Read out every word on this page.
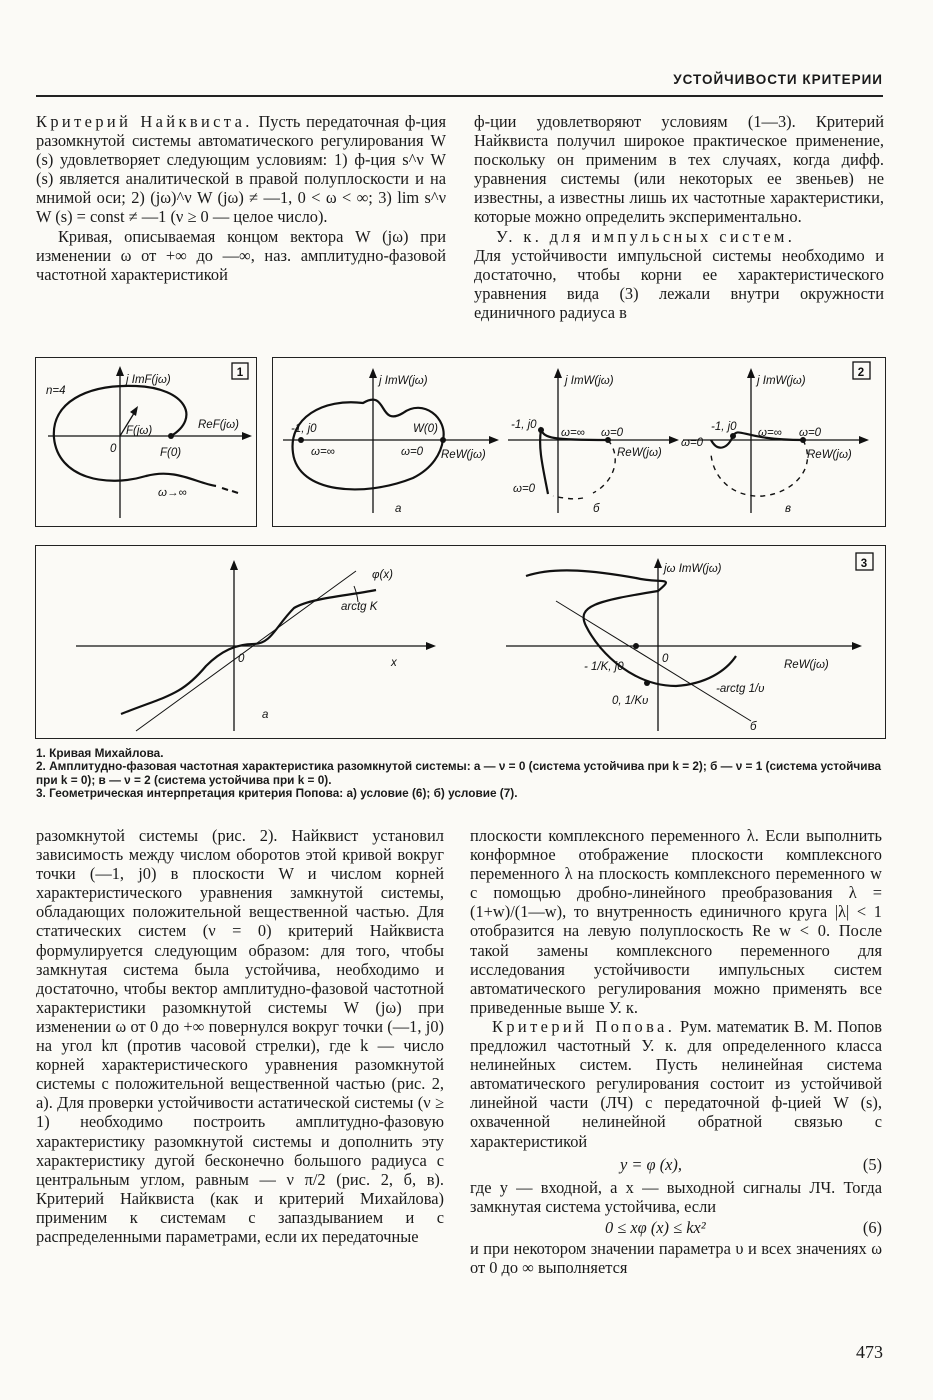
УСТОЙЧИВОСТИ КРИТЕРИИ

Критерий Найквиста. Пусть передаточная ф-ция разомкнутой системы автоматического регулирования W (s) удовлетворяет следующим условиям: 1) ф-ция s^ν W (s) является аналитической в правой полуплоскости и на мнимой оси; 2) (jω)^ν W (jω) ≠ —1, 0 < ω < ∞; 3) lim s^ν W (s) = const ≠ —1 (ν ≥ 0 — целое число).

Кривая, описываемая концом вектора W (jω) при изменении ω от +∞ до —∞, наз. амплитудно-фазовой частотной характеристикой

ф-ции удовлетворяют условиям (1—3). Критерий Найквиста получил широкое практическое применение, поскольку он применим в тех случаях, когда дифф. уравнения системы (или некоторых ее звеньев) не известны, а известны лишь их частотные характеристики, которые можно определить экспериментально.

У. к. для импульсных систем.

Для устойчивости импульсной системы необходимо и достаточно, чтобы корни ее характеристического уравнения вида (3) лежали внутри окружности единичного радиуса в

1
n=4
j ImF(jω)
ReF(jω)
F(jω)
0	F(0)
ω→∞
2
j ImW(jω)
-1, j0	W(0)
ω=∞	ω=0 ReW(jω)
а
j ImW(jω)
-1, j0
ω=∞ ω=0
ReW(jω)
ω=0
б
j ImW(jω)
-1, j0 ω=∞ ω=0
ReW(jω)
ω=0
в
3
φ(x)
arctg K
0	x
а
jω ImW(jω)
ReW(jω)
- 1/K, j0
0
0, 1/Kυ
-arctg 1/υ
б

1. Кривая Михайлова.

2. Амплитудно-фазовая частотная характеристика разомкнутой системы: а — ν = 0 (система устойчива при k = 2); б — ν = 1 (система устойчива при k = 0); в — ν = 2 (система устойчива при k = 0).

3. Геометрическая интерпретация критерия Попова: а) условие (6); б) условие (7).

разомкнутой системы (рис. 2). Найквист установил зависимость между числом оборотов этой кривой вокруг точки (—1, j0) в плоскости W и числом корней характеристического уравнения замкнутой системы, обладающих положительной вещественной частью. Для статических систем (ν = 0) критерий Найквиста формулируется следующим образом: для того, чтобы замкнутая система была устойчива, необходимо и достаточно, чтобы вектор амплитудно-фазовой частотной характеристики разомкнутой системы W (jω) при изменении ω от 0 до +∞ повернулся вокруг точки (—1, j0) на угол kπ (против часовой стрелки), где k — число корней характеристического уравнения разомкнутой системы с положительной вещественной частью (рис. 2, а). Для проверки устойчивости астатической системы (ν ≥ 1) необходимо построить амплитудно-фазовую характеристику разомкнутой системы и дополнить эту характеристику дугой бесконечно большого радиуса с центральным углом, равным — ν π/2 (рис. 2, б, в). Критерий Найквиста (как и критерий Михайлова) применим к системам с запаздыванием и с распределенными параметрами, если их передаточные

плоскости комплексного переменного λ. Если выполнить конформное отображение плоскости комплексного переменного λ на плоскость комплексного переменного w с помощью дробно-линейного преобразования λ = (1+w)/(1—w), то внутренность единичного круга |λ| < 1 отобразится на левую полуплоскость Re w < 0. После такой замены комплексного переменного для исследования устойчивости импульсных систем автоматического регулирования можно применять все приведенные выше У. к.

Критерий Попова. Рум. математик В. М. Попов предложил частотный У. к. для определенного класса нелинейных систем. Пусть нелинейная система автоматического регулирования состоит из устойчивой линейной части (ЛЧ) с передаточной ф-цией W (s), охваченной нелинейной обратной связью с характеристикой

y = φ (x),	(5)

где y — входной, а x — выходной сигналы ЛЧ. Тогда замкнутая система устойчива, если

0 ≤ xφ (x) ≤ kx²	(6)

и при некотором значении параметра υ и всех значениях ω от 0 до ∞ выполняется

473
